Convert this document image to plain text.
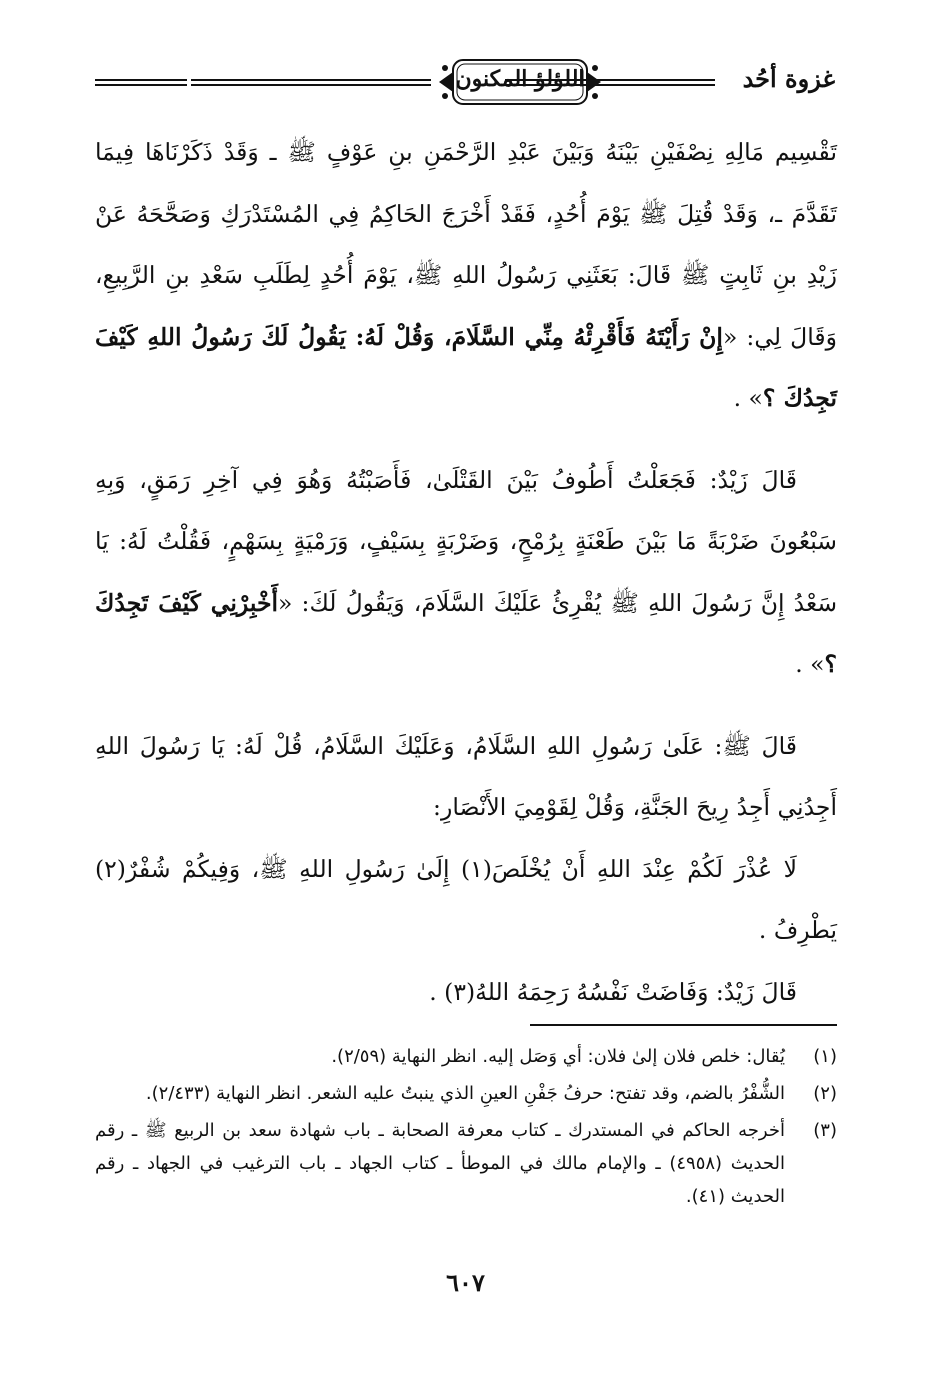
غزوة أحُد
اللؤلؤ المكنون

تَقْسِيم مَالِهِ نِصْفَيْنِ بَيْنَهُ وَبَيْنَ عَبْدِ الرَّحْمَنِ بنِ عَوْفٍ ﷺ ـ وَقَدْ ذَكَرْنَاهَا فِيمَا تَقَدَّمَ ـ، وَقَدْ قُتِلَ ﷺ يَوْمَ أُحُدٍ، فَقَدْ أَخْرَجَ الحَاكِمُ فِي المُسْتَدْرَكِ وَصَحَّحَهُ عَنْ زَيْدِ بنِ ثَابِتٍ ﷺ قَالَ: بَعَثَنِي رَسُولُ اللهِ ﷺ، يَوْمَ أُحُدٍ لِطَلَبِ سَعْدِ بنِ الرَّبِيعِ، وَقَالَ لِي: «إِنْ رَأَيْتَهُ فَأَقْرِئْهُ مِنِّي السَّلَامَ، وَقُلْ لَهُ: يَقُولُ لَكَ رَسُولُ اللهِ كَيْفَ تَجِدُكَ ؟» .

قَالَ زَيْدٌ: فَجَعَلْتُ أَطُوفُ بَيْنَ القَتْلَىٰ، فَأَصَبْتُهُ وَهُوَ فِي آخِرِ رَمَقٍ، وَبِهِ سَبْعُونَ ضَرْبَةً مَا بَيْنَ طَعْنَةٍ بِرُمْحٍ، وَضَرْبَةٍ بِسَيْفٍ، وَرَمْيَةٍ بِسَهْمٍ، فَقُلْتُ لَهُ: يَا سَعْدُ إِنَّ رَسُولَ اللهِ ﷺ يُقْرِئُ عَلَيْكَ السَّلَامَ، وَيَقُولُ لَكَ: «أَخْبِرْنِي كَيْفَ تَجِدُكَ ؟» .

قَالَ ﷺ: عَلَىٰ رَسُولِ اللهِ السَّلَامُ، وَعَلَيْكَ السَّلَامُ، قُلْ لَهُ: يَا رَسُولَ اللهِ أَجِدُنِي أَجِدُ رِيحَ الجَنَّةِ، وَقُلْ لِقَوْمِيَ الأَنْصَارِ:

لَا عُذْرَ لَكُمْ عِنْدَ اللهِ أَنْ يُخْلَصَ(١) إِلَىٰ رَسُولِ اللهِ ﷺ، وَفِيكُمْ شُفْرٌ(٢) يَطْرِفُ .

قَالَ زَيْدٌ: وَفَاضَتْ نَفْسُهُ رَحِمَهُ اللهُ(٣) .

(١)
يُقال: خلص فلان إلىٰ فلان: أي وَصَل إليه. انظر النهاية (٢/٥٩).
(٢)
الشُّفْرُ بالضم، وقد تفتح: حرفُ جَفْنِ العينِ الذي ينبتُ عليه الشعر. انظر النهاية (٢/٤٣٣).
(٣)
أخرجه الحاكم في المستدرك ـ كتاب معرفة الصحابة ـ باب شهادة سعد بن الربيع ﷺ ـ رقم الحديث (٤٩٥٨) ـ والإمام مالك في الموطأ ـ كتاب الجهاد ـ باب الترغيب في الجهاد ـ رقم الحديث (٤١).
٦٠٧
